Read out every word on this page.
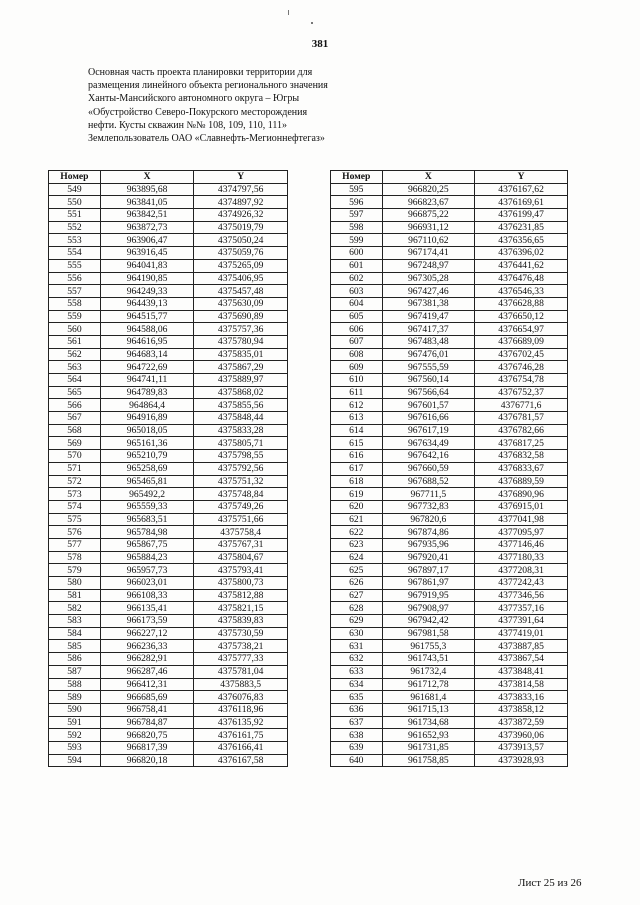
381
Основная часть проекта планировки территории для
размещения линейного объекта регионального значения
Ханты-Мансийского автономного округа – Югры
«Обустройство Северо-Покурского месторождения
нефти. Кусты скважин №№ 108, 109, 110, 111»
Землепользователь ОАО «Славнефть-Мегионнефтегаз»
Номер	X	Y
549	963895,68	4374797,56
550	963841,05	4374897,92
551	963842,51	4374926,32
552	963872,73	4375019,79
553	963906,47	4375050,24
554	963916,45	4375059,76
555	964041,83	4375265,09
556	964190,85	4375406,95
557	964249,33	4375457,48
558	964439,13	4375630,09
559	964515,77	4375690,89
560	964588,06	4375757,36
561	964616,95	4375780,94
562	964683,14	4375835,01
563	964722,69	4375867,29
564	964741,11	4375889,97
565	964789,83	4375868,02
566	964864,4	4375855,56
567	964916,89	4375848,44
568	965018,05	4375833,28
569	965161,36	4375805,71
570	965210,79	4375798,55
571	965258,69	4375792,56
572	965465,81	4375751,32
573	965492,2	4375748,84
574	965559,33	4375749,26
575	965683,51	4375751,66
576	965784,98	4375758,4
577	965867,75	4375767,31
578	965884,23	4375804,67
579	965957,73	4375793,41
580	966023,01	4375800,73
581	966108,33	4375812,88
582	966135,41	4375821,15
583	966173,59	4375839,83
584	966227,12	4375730,59
585	966236,33	4375738,21
586	966282,91	4375777,33
587	966287,46	4375781,04
588	966412,31	4375883,5
589	966685,69	4376076,83
590	966758,41	4376118,96
591	966784,87	4376135,92
592	966820,75	4376161,75
593	966817,39	4376166,41
594	966820,18	4376167,58
Номер	X	Y
595	966820,25	4376167,62
596	966823,67	4376169,61
597	966875,22	4376199,47
598	966931,12	4376231,85
599	967110,62	4376356,65
600	967174,41	4376396,02
601	967248,97	4376441,62
602	967305,28	4376476,48
603	967427,46	4376546,33
604	967381,38	4376628,88
605	967419,47	4376650,12
606	967417,37	4376654,97
607	967483,48	4376689,09
608	967476,01	4376702,45
609	967555,59	4376746,28
610	967560,14	4376754,78
611	967566,64	4376752,37
612	967601,57	4376771,6
613	967616,66	4376781,57
614	967617,19	4376782,66
615	967634,49	4376817,25
616	967642,16	4376832,58
617	967660,59	4376833,67
618	967688,52	4376889,59
619	967711,5	4376890,96
620	967732,83	4376915,01
621	967820,6	4377041,98
622	967874,86	4377095,97
623	967935,96	4377146,46
624	967920,41	4377180,33
625	967897,17	4377208,31
626	967861,97	4377242,43
627	967919,95	4377346,56
628	967908,97	4377357,16
629	967942,42	4377391,64
630	967981,58	4377419,01
631	961755,3	4373887,85
632	961743,51	4373867,54
633	961732,4	4373848,41
634	961712,78	4373814,58
635	961681,4	4373833,16
636	961715,13	4373858,12
637	961734,68	4373872,59
638	961652,93	4373960,06
639	961731,85	4373913,57
640	961758,85	4373928,93
Лист 25 из 26
